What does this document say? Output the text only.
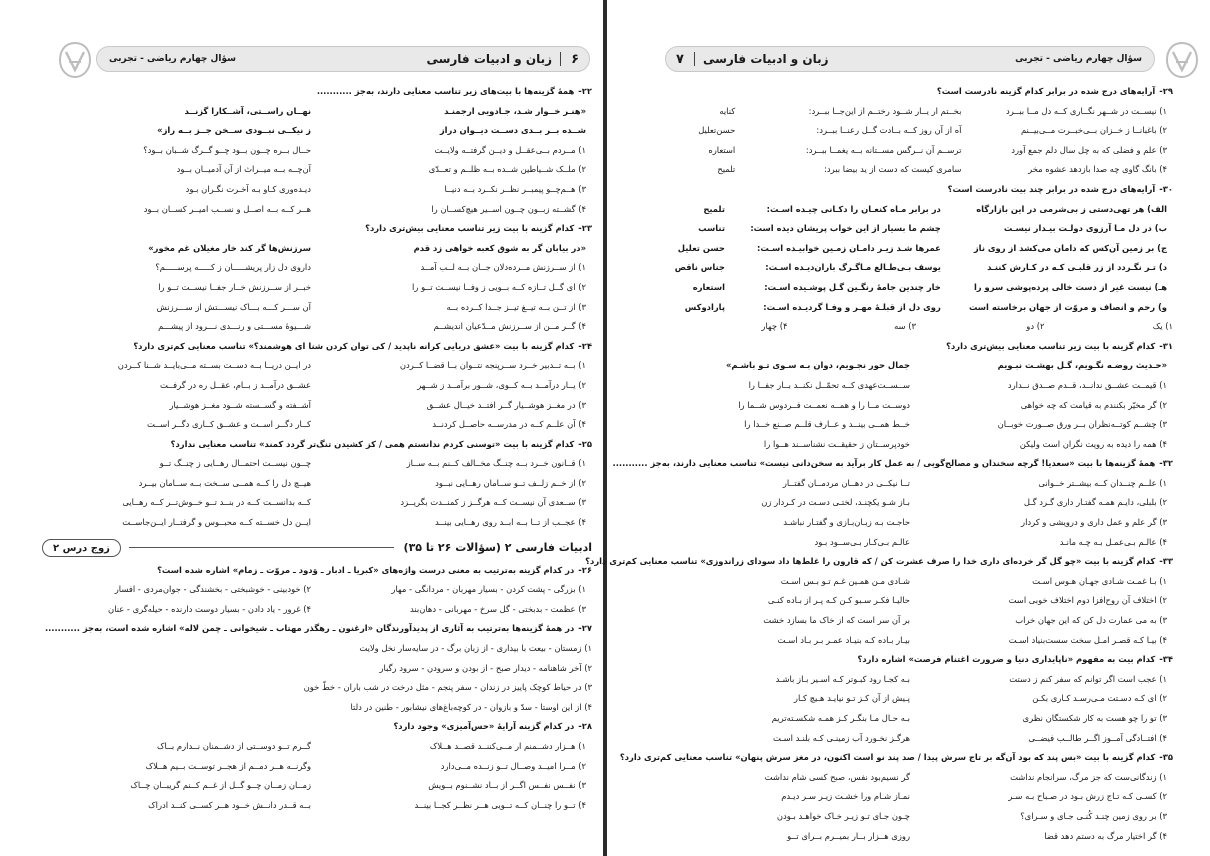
۶
زبان و ادبیات فارسی
سؤال چهارم ریاضی - تجربی
۲۲-همهٔ گزینه‌ها با بیت‌های زیر تناسب معنایی دارند، به‌جز ...........
«هنـر خــوار شـد، جـادویی ارجمنـد
نهــان راســتی، آشــکارا گزنــد
شــده بــر بــدی دســت دیــوان دراز
ز نیکــی نبــودی ســخن جــز بــه راز»
۱) مــردم بــی‌عقــل و دیــن گرفتــه ولایــت
حــال بــره چــون بــود چــو گــرگ شــبان بــود؟
۲) ملــک شــیاطین شــده بــه ظلــم و تعــدّی
آن‌چــه بــه میــراث از آن آدمیــان بــود
۳) هــم‌چــو پیمبــر نظــر نکــرد بــه دنیــا
دیـده‌وری کـاو بـه آخـرت نگـران بـود
۴) گشــته زبــون چــون اســیر هیچ‌کســان را
هــر کــه بــه اصــل و نســب امیــر کســان بــود
۲۳-کدام گزینه با بیت زیر تناسب معنایی بیش‌تری دارد؟
«در بیابان گر به شوق کعبه خواهی زد قدم
سرزنش‌ها گر کند خار مغیلان غم مخور»
۱) از ســرزنش مــرده‌دلان جــان بــه لــب آمــد
داروی دل زار پریشـــــان ز کـــــه پرســـــم؟
۲) ای گــل تــازه کــه بــویی ز وفــا نیســت تــو را
خبــر از ســرزنش خــار جفــا نیســت تــو را
۳) از تــن بــه تیــغ تیــز جــدا کــرده بــه
آن ســـر کـــه بـــاک نیســـتش از ســـرزنش
۴) گــر مــن از ســرزنش مــدّعیان اندیشــم
شـــیوهٔ مســـتی و رنـــدی نـــرود از پیشـــم
۲۴-کدام گزینه با بیت «عشق دریایی کرانه ناپدید / کی توان کردن شنا ای هوشمند؟» تناسب معنایی کم‌تری دارد؟
۱) بــه تــدبیر خــرد ســرپنجه نتــوان بــا قضــا کــردن
در ایــن دریــا بــه دســت بســته مــی‌بایــد شــنا کــردن
۲) یــار درآمــد بــه کــوی، شــور برآمــد ز شــهر
عشــق درآمــد ز بــام، عقــل ره در گرفــت
۳) در مغــز هوشــیار گــر افتــد خیــال عشــق
آشــفته و گســسته شــود مغــز هوشــیار
۴) آن علــم کــه در مدرســه حاصــل کردنــد
کــار دگــر اســت و عشــق کــاری دگــر اســت
۲۵-کدام گزینه با بیت «توسنی کردم ندانستم همی / کز کشیدن تنگ‌تر گردد کمند» تناسب معنایی ندارد؟
۱) قــانون خــرد بــه چنــگ مخــالف کــنم بــه ســاز
چــون نیســت احتمــال رهــایی ز چنــگ تــو
۲) از خــم زلــف تــو ســامان رهــایی نبــود
هیــچ دل را کــه همــی ســخت بــه ســامان بیــرد
۳) ســعدی آن نیســت کــه هرگــز ز کمنــدت بگریــزد
کــه بدانســت کــه در بنــد تــو خــوش‌تــر کــه رهــایی
۴) عجــب از تــا بــه ابــد روی رهــایی بینــد
ایــن دل خســته کــه محبــوس و گرفتــار ایــن‌جاســت
ادبیات فارسی ۲ (سؤالات ۲۶ تا ۳۵)
زوج درس ۲
۲۶-در کدام گزینه به‌ترتیب به معنی درست واژه‌های «کبریا ـ ادبار ـ وَدود ـ مروّت ـ زمام» اشاره شده است؟
۱) بزرگی - پشت کردن - بسیار مهربان - مردانگی - مهار
۲) خودبینی - خوشبختی - بخشندگی - جوان‌مردی - افسار
۳) عظمت - بدبختی - گل سرخ - مهربانی - دهان‌بند
۴) غرور - یاد دادن - بسیار دوست دارنده - حیله‌گری - عنان
۲۷-در همهٔ گزینه‌ها به‌ترتیب به آثاری از پدیدآورندگان «ارغنون ـ رهگذر مهتاب ـ شیخوانی ـ چمن لاله» اشاره شده است، به‌جز ...........
۱) زمستان - بیعت با بیداری - از زبان برگ - در سایه‌سار نخل ولایت
۲) آخر شاهنامه - دیدار صبح - از بودن و سرودن - سرود رگبار
۳) در حیاط کوچک پاییز در زندان - سفر پنجم - مثل درخت در شب باران - خطّ خون
۴) از این اوستا - سدّ و بازوان - در کوچه‌باغ‌های نیشابور - طنین در دلتا
۲۸-در کدام گزینه آرایهٔ «حس‌آمیزی» وجود دارد؟
۱) هــزار دشــمنم ار مــی‌کننــد قصــد هــلاک
گــرم تــو دوســتی از دشــمنان نــدارم بــاک
۲) مــرا امیــد وصــال تــو زنــده مــی‌دارد
وگرنــه هــر دمــم از هجــر توســت بــیم هــلاک
۳) نفــس نفــس اگــر از بــاد نشــنوم بــویش
زمــان زمــان چــو گــل از غــم کــنم گریبــان چــاک
۴) تــو را چنــان کــه تــویی هــر نظــر کجــا بینــد
بــه قــدر دانــش خــود هــر کســی کنــد ادراک
۷	زبان و ادبیات فارسی	سؤال چهارم ریاضی - تجربی
۲۹-آرایه‌های درج شده در برابر کدام گزینه نادرست است؟
۱) نیســت در شــهر نگــاری کــه دل مــا ببــرد
بخــتم ار یــار شــود رختــم از این‌جــا ببــرد:
کنایه
۲) باغبانــا ز خــزان بــی‌خبــرت مــی‌بیــنم
آه از آن روز کــه بــادت گــل رعنــا ببــرد:
حسن‌تعلیل
۳) علم و فضلی که به چل سال دلم جمع آورد
ترســم آن نــرگس مســتانه بــه یغمــا ببــرد:
استعاره
۴) بانگ گاوی چه صدا بازدهد عشوه مخر
سامری کیست که دست از ید بیضا ببرد:
تلمیح
۳۰-آرایه‌های درج شده در برابر چند بیت نادرست است؟
الف) هر تهی‌دستی ز بی‌شرمی در این بازارگاه
در برابر مـاه کنعـان را دکـانی چیـده اسـت:
تلمیح
ب) در دل مـا آرزوی دولـت بیـدار نیسـت
چشم ما بسیار از این خواب پریشان دیده است:
تناسب
ج) بر زمین آن‌کس که دامان می‌کشد از روی ناز
عمرها شـد زیـر دامـان زمـین خوابیـده اسـت:
حسن تعلیل
د) تـر نگـردد از زر قلبـی کـه در کـارش کننـد
یوسف بـی‌طـالع مـاگـرگ باران‌دیـده اسـت:
جناس ناقص
هـ) نیست غیر از دست خالی پرده‌پوشی سرو را
خار چندین جامهٔ رنگـین گـل پوشـیده اسـت:
استعاره
و) رحم و انصاف و مروّت از جهان برخاسته است
روی دل از قبلـهٔ مهـر و وفـا گردیـده اسـت:
پارادوکس
۱) یک
۲) دو
۳) سه
۴) چهار
۳۱-کدام گزینه با بیت زیر تناسب معنایی بیش‌تری دارد؟
«حـدیث روضـه نگـویم، گـل بهشـت نبـویم
جمال حور نجـویم، دوان بـه سـوی تـو باشـم»
۱) قیمــت عشــق ندانــد، قــدم صــدق نــدارد
ســســت‌عهدی کــه تحمّــل نکنــد بــار جفــا را
۲) گر مخیّر بکنندم به قیامت که چه خواهی
دوســت مــا را و همــه نعمــت فــردوس شــما را
۳) چشــم کوتــه‌نظران بــر ورق صــورت خوبــان
خــط همــی بینــد و عــارف قلــم صــنع خــدا را
۴) همه را دیده به رویت نگران است ولیکن
خودپرســتان ز حقیقــت نشناســند هــوا را
۳۲-همهٔ گزینه‌ها با بیت «سعدیا! گرچه سخندان و مصالح‌گویی / به عمل کار برآید به سخن‌دانی نیست» تناسب معنایی دارند، به‌جز ...........
۱) علــم چنــدان کــه بیشــتر خــوانی
تــا نیکــی در دهــان مردمــان گفتــار
۲) بلبلی، دایـم همـه گفتـار داری گـرد گـل
بـاز شـو یکچنـد، لختـی دسـت در کـردار زن
۳) گر علم و عمل داری و درویشی و کردار
حاجـت بـه زبـان‌بـازی و گفتـار نباشـد
۴) عالـم بـی‌عمـل بـه چـه مانـد
عالـم بـی‌کـار بـی‌ســود بـود
۳۳-کدام گزینه با بیت «چو گل گر خرده‌ای داری خدا را صرف عشرت کن / که قارون را غلط‌ها داد سودای زراندوزی» تناسب معنایی کم‌تری دارد؟
۱) بـا غمـت شـادی جهـان هـوس اسـت
شـادی مـن همـین غـم تـو بـس اسـت
۲) اختلاف آن روح‌افزا دوم اختلاف خوبی است
حالیـا فکـر سـبو کـن کـه پـر از بـاده کنـی
۳) به می عمارت دل کن که این جهان خراب
بر آن سر است که از خاک ما بسازد خشت
۴) بیـا کـه قصـر امـل سخت سست‌بنیاد اسـت
بیـار بـاده کـه بنیـاد عمـر بـر بـاد اسـت
۳۴-کدام بیت به مفهوم «ناپایداری دنیا و ضرورت اغتنام فرصت» اشاره دارد؟
۱) عجب است اگر توانم که سفر کنم ز دستت
بـه کجـا رود کبـوتر کـه اسـیر بـاز باشـد
۲) ای کـه دسـتت مـی‌رسـد کـاری بکـن
پـیش از آن کـز تـو نیایـد هـیچ کـار
۳) تو را چو هست به کار شکستگان نظری
بـه حـال مـا بنگـر کـز همـه شکسـته‌تریم
۴) افتــادگی آمــوز اگــر طالــب فیضــی
هرگـز نخـورد آب زمینـی کـه بلنـد اسـت
۳۵-کدام گزینه با بیت «بس پند که بود آن‌گه بر تاج سرش پیدا / صد پند نو است اکنون، در مغز سرش پنهان» تناسب معنایی کم‌تری دارد؟
۱) زندگانی‌ست که جز مرگ، سرانجام نداشت
گر نسیم‌بود نفس، صبح کسی شام نداشت
۲) کسـی کـه تـاج زرش بـود در صـباح بـه سـر
نمـاز شـام ورا خشـت زیـر سـر دیـدم
۳) بر روی زمین چنـد کُنـی جـای و سـرای؟
چـون جـای تـو زیـر خـاک خواهـد بـودن
۴) گر اختیار مرگ به دستم دهد قضا
روزی هــزار بــار بمیــرم بــرای تــو
